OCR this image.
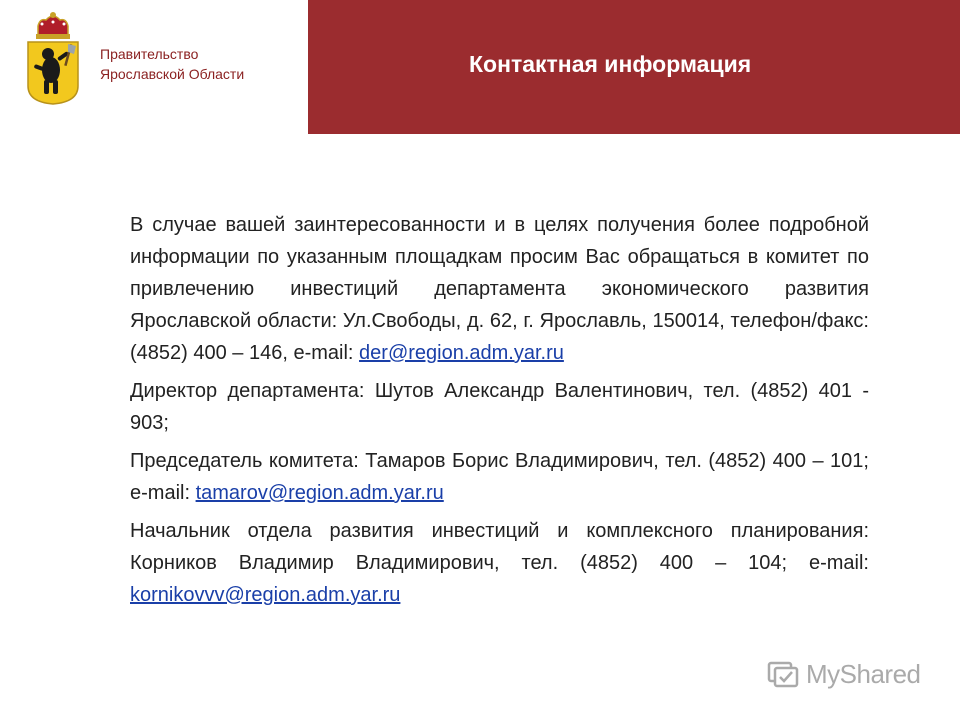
Правительство
Ярославской Области	Контактная информация

В случае вашей заинтересованности и в целях получения более подробной информации по указанным площадкам просим Вас обращаться в комитет по привлечению инвестиций департамента экономического развития Ярославской области: Ул.Свободы, д. 62, г. Ярославль, 150014, телефон/факс: (4852) 400 – 146, e-mail: der@region.adm.yar.ru

Директор департамента: Шутов Александр Валентинович, тел. (4852) 401 - 903;

Председатель комитета: Тамаров Борис Владимирович, тел. (4852) 400 – 101; e-mail: tamarov@region.adm.yar.ru

Начальник отдела развития инвестиций и комплексного планирования: Корников Владимир Владимирович, тел. (4852) 400 – 104; e-mail: kornikovvv@region.adm.yar.ru

MyShared
